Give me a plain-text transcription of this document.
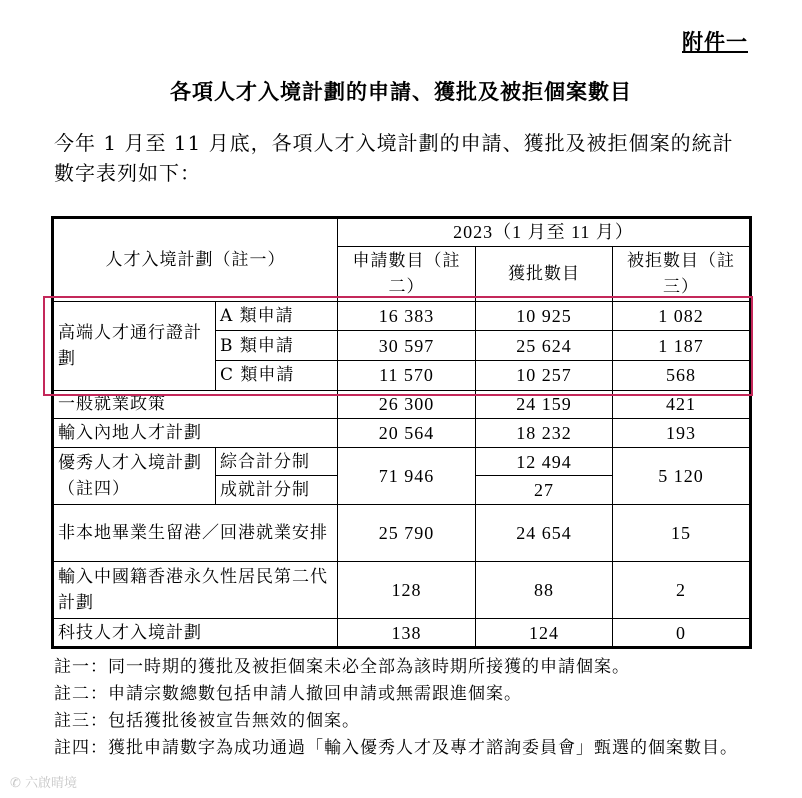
附件一
各項人才入境計劃的申請、獲批及被拒個案數目
今年 1 月至 11 月底，各項人才入境計劃的申請、獲批及被拒個案的統計數字表列如下：
人才入境計劃（註一）		2023（1 月至 11 月）		
		申請數目（註二）	獲批數目	被拒數目（註三）
高端人才通行證計劃	A 類申請	16 383	10 925	1 082
	B 類申請	30 597	25 624	1 187
	C 類申請	11 570	10 257	568
一般就業政策		26 300	24 159	421
輸入內地人才計劃		20 564	18 232	193
優秀人才入境計劃（註四）	綜合計分制	71 946	12 494	5 120
	成就計分制		27	
非本地畢業生留港／回港就業安排		25 790	24 654	15
輸入中國籍香港永久性居民第二代計劃		128	88	2
科技人才入境計劃		138	124	0
註一： 同一時期的獲批及被拒個案未必全部為該時期所接獲的申請個案。
註二： 申請宗數總數包括申請人撤回申請或無需跟進個案。
註三： 包括獲批後被宣告無效的個案。
註四： 獲批申請數字為成功通過「輸入優秀人才及專才諮詢委員會」甄選的個案數目。
✆ 六啟晴境
